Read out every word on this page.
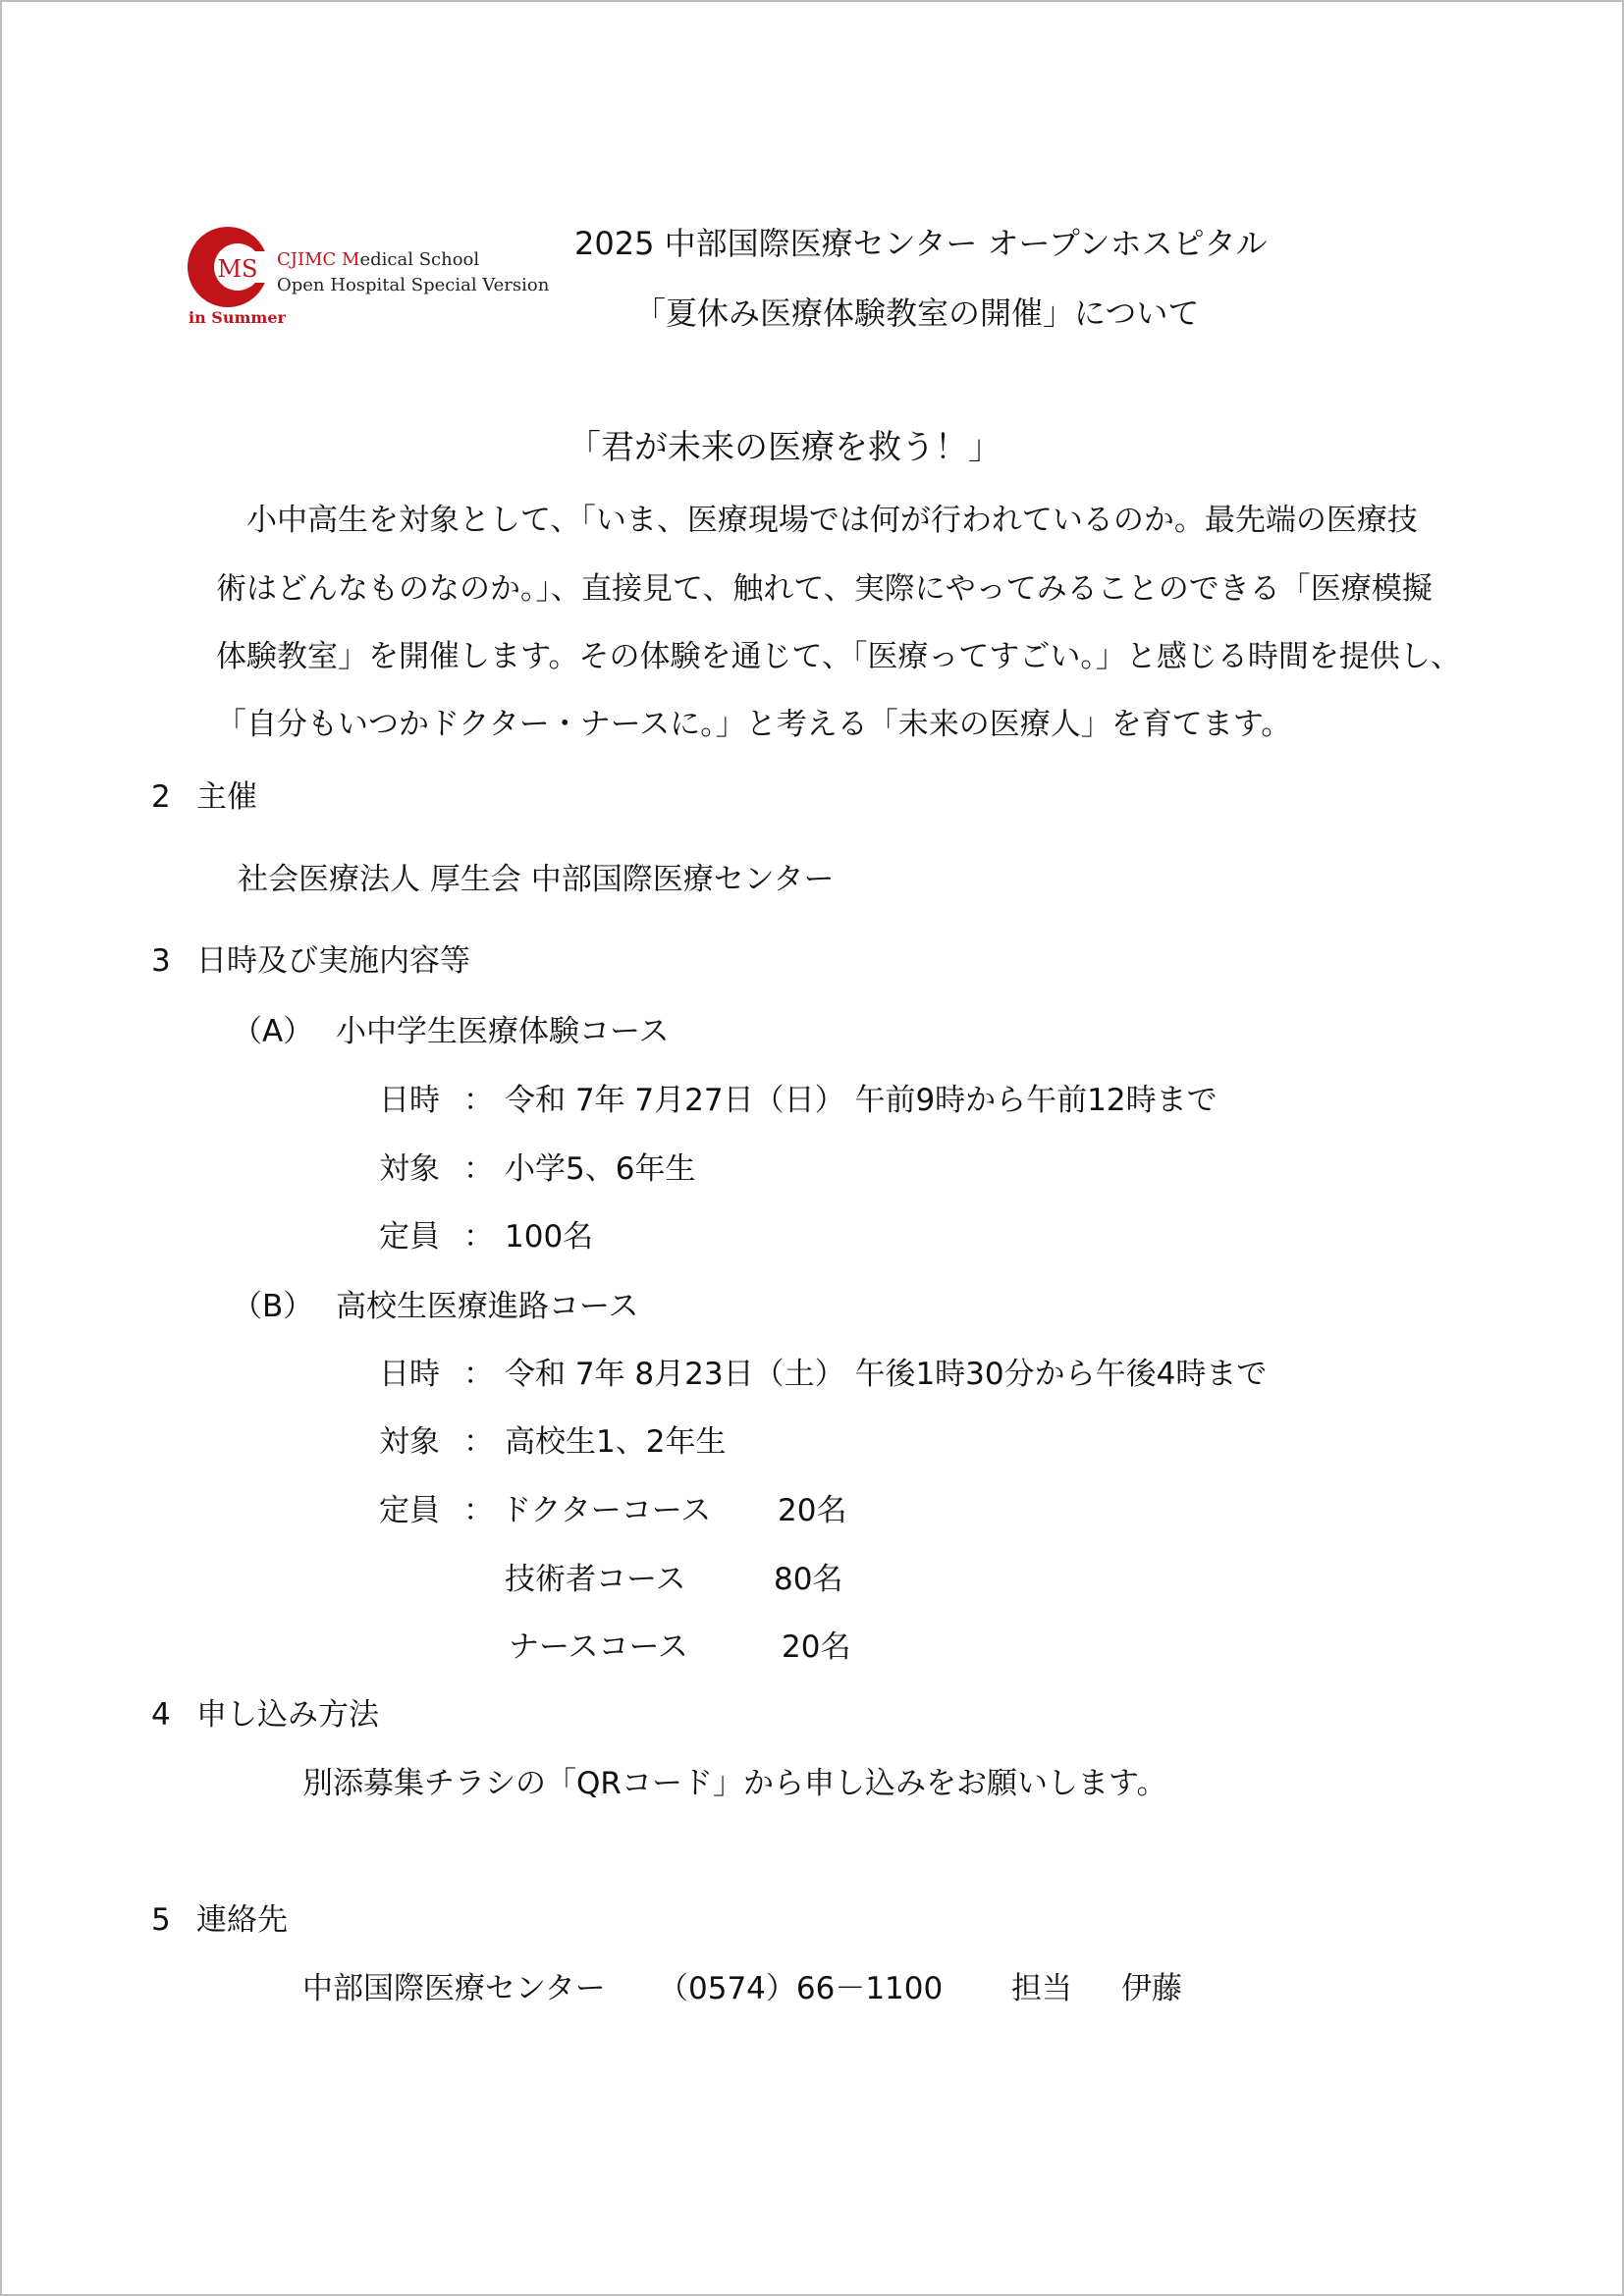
MS CJIMC Medical School
Open Hospital Special Version
in Summer
2025 中部国際医療センター オープンホスピタル
「夏休み医療体験教室の開催」について
「君が未来の医療を救う！」
　小中高生を対象として、「いま、医療現場では何が行われているのか。最先端の医療技
術はどんなものなのか。」、直接見て、触れて、実際にやってみることのできる「医療模擬
体験教室」を開催します。その体験を通じて、「医療ってすごい。」と感じる時間を提供し、
「自分もいつかドクター・ナースに。」と考える「未来の医療人」を育てます。
2 主催
社会医療法人 厚生会 中部国際医療センター
3 日時及び実施内容等
（A） 小中学生医療体験コース
日時 ： 令和 7年 7月27日（日） 午前9時から午前12時まで
対象 ： 小学5、6年生
定員 ： 100名
（B） 高校生医療進路コース
日時 ： 令和 7年 8月23日（土） 午後1時30分から午後4時まで
対象 ： 高校生1、2年生
定員 ： ドクターコース 20名
技術者コース	80名
ナースコース	20名
4 申し込み方法
別添募集チラシの「QRコード」から申し込みをお願いします。
5 連絡先
中部国際医療センター （0574）66－1100 担当 伊藤
